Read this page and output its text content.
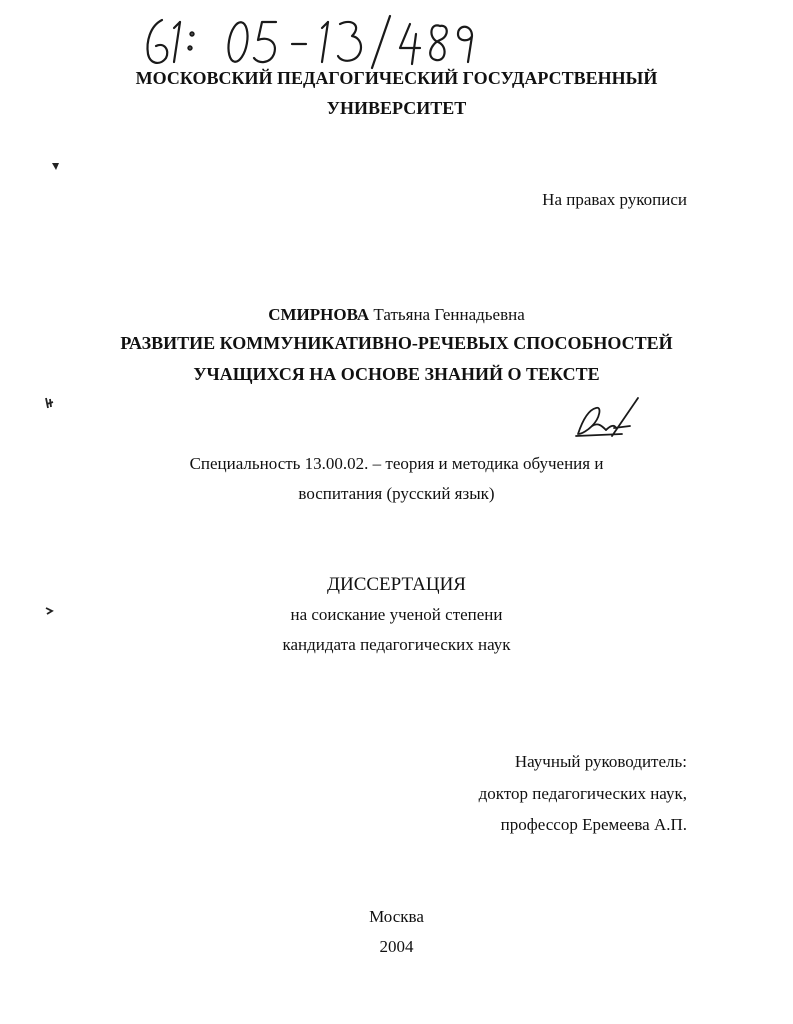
МОСКОВСКИЙ ПЕДАГОГИЧЕСКИЙ ГОСУДАРСТВЕННЫЙ
УНИВЕРСИТЕТ
На правах рукописи
СМИРНОВА Татьяна Геннадьевна
РАЗВИТИЕ КОММУНИКАТИВНО-РЕЧЕВЫХ СПОСОБНОСТЕЙ
УЧАЩИХСЯ НА ОСНОВЕ ЗНАНИЙ О ТЕКСТЕ
Специальность 13.00.02. – теория и методика обучения и
воспитания (русский язык)
ДИССЕРТАЦИЯ
на соискание ученой степени
кандидата педагогических наук
Научный руководитель:
доктор педагогических наук,
профессор Еремеева А.П.
Москва
2004
